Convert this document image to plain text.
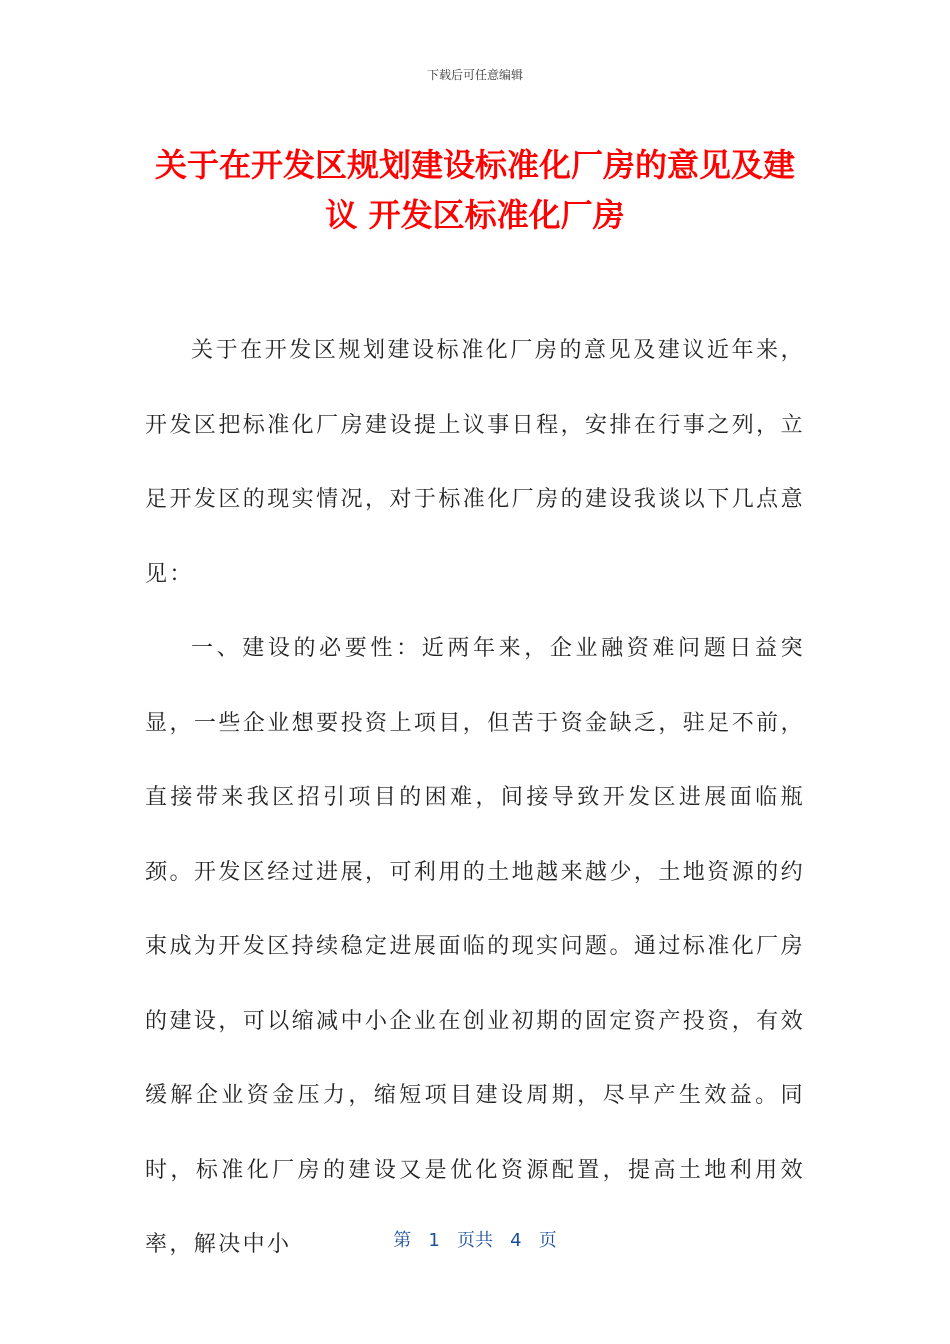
下载后可任意编辑
关于在开发区规划建设标准化厂房的意见及建议 开发区标准化厂房

关于在开发区规划建设标准化厂房的意见及建议近年来，开发区把标准化厂房建设提上议事日程，安排在行事之列，立足开发区的现实情况，对于标准化厂房的建设我谈以下几点意见：

一、建设的必要性：近两年来，企业融资难问题日益突显，一些企业想要投资上项目，但苦于资金缺乏，驻足不前，直接带来我区招引项目的困难，间接导致开发区进展面临瓶颈。开发区经过进展，可利用的土地越来越少，土地资源的约束成为开发区持续稳定进展面临的现实问题。通过标准化厂房的建设，可以缩减中小企业在创业初期的固定资产投资，有效缓解企业资金压力，缩短项目建设周期，尽早产生效益。同时，标准化厂房的建设又是优化资源配置，提高土地利用效率，解决中小	第 1 页共 4 页
